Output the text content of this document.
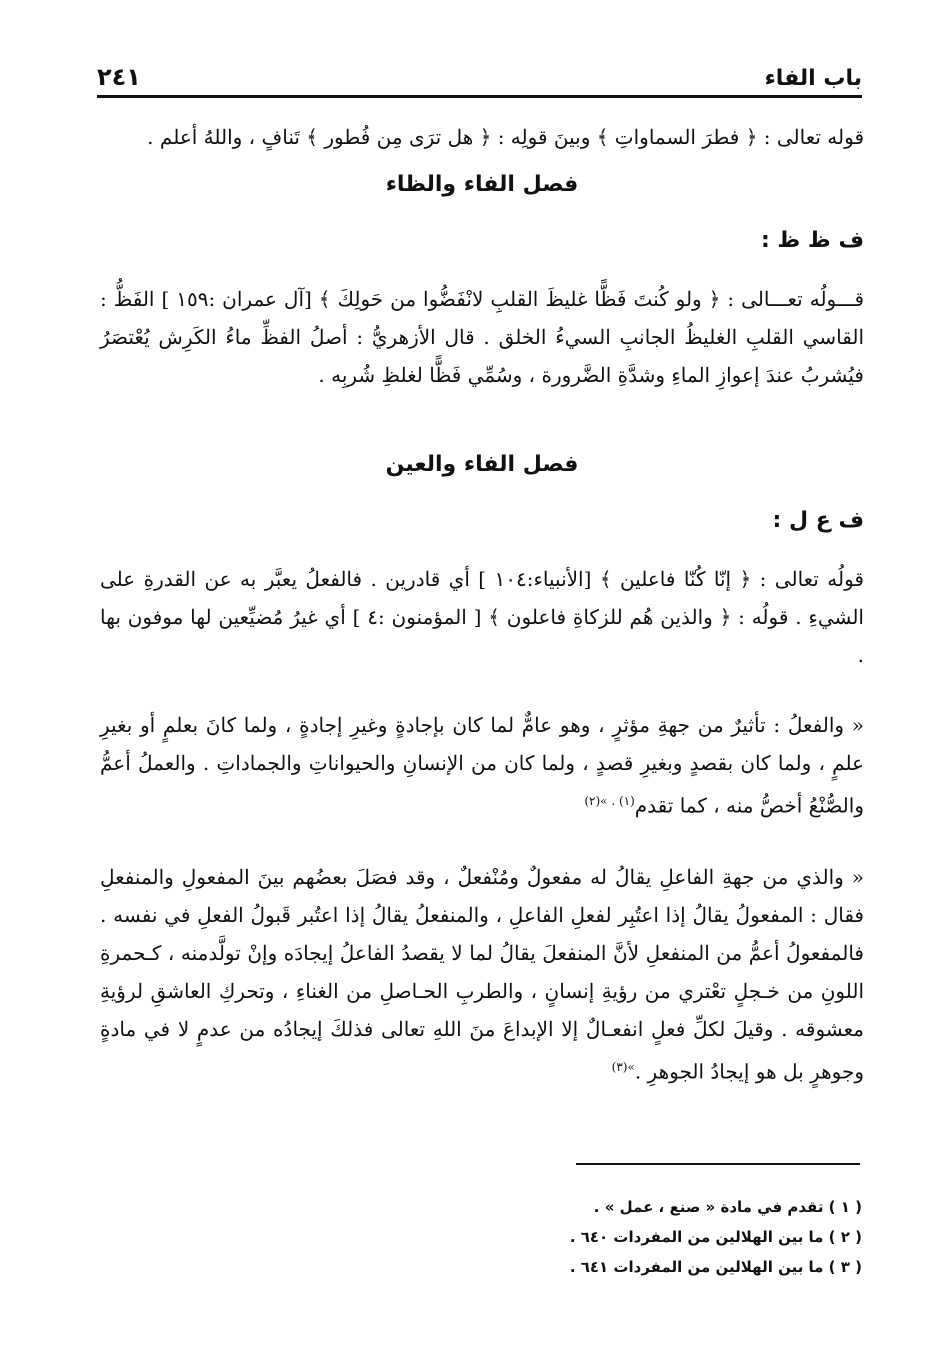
باب الفاء
٢٤١

قوله تعالى : ﴿ فطرَ السماواتِ ﴾ وبينَ قولِه : ﴿ هل ترَى مِن فُطور ﴾ تَنافٍ ، واللهُ أعلم .

فصل الفاء والظاء
ف ظ ظ :

قـــولُه تعـــالى : ﴿ ولو كُنتَ فَظًّا غليظَ القلبِ لانْفَضُّوا من حَولِكَ ﴾ [آل عمران :١٥٩ ] الفَظُّ : القاسي القلبِ الغليظُ الجانبِ السيءُ الخلق . قال الأزهريُّ : أصلُ الفظِّ ماءُ الكَرِش يُعْتصَرُ فيُشربُ عندَ إعوازِ الماءِ وشدَّةِ الضَّرورة ، وسُمِّي فَظًّا لغلظِ شُربِه .

فصل الفاء والعين
ف ع ل :

قولُه تعالى : ﴿ إنّا كُنّا فاعلين ﴾ [الأنبياء:١٠٤ ] أي قادرين . فالفعلُ يعبَّر به عن القدرةِ على الشيءِ . قولُه : ﴿ والذين هُم للزكاةِ فاعلون ﴾ [ المؤمنون :٤ ] أي غيرُ مُضيِّعين لها موفون بها .

« والفعلُ : تأثيرٌ من جهةِ مؤثرٍ ، وهو عامٌّ لما كان بإجادةٍ وغيرِ إجادةٍ ، ولما كانَ بعلمٍ أو بغيرِ علمٍ ، ولما كان بقصدٍ وبغيرِ قصدٍ ، ولما كان من الإنسانِ والحيواناتِ والجماداتِ . والعملُ أعمُّ والصُّنْعُ أخصُّ منه ، كما تقدم$^{(١) . »(٢)}$

« والذي من جهةِ الفاعلِ يقالُ له مفعولٌ ومُنْفعلٌ ، وقد فصَلَ بعضُهم بينَ المفعولِ والمنفعلِ فقال : المفعولُ يقالُ إذا اعتُبِر لفعلِ الفاعلِ ، والمنفعلُ يقالُ إذا اعتُبر قَبولُ الفعلِ في نفسه . فالمفعولُ أعمُّ من المنفعلِ لأنَّ المنفعلَ يقالُ لما لا يقصدُ الفاعلُ إيجادَه وإنْ تولَّدمنه ، كـحمرةِ اللونِ من خـجلٍ تعْتري من رؤيةِ إنسانٍ ، والطربِ الحـاصلِ من الغناءِ ، وتحركِ العاشقِ لرؤيةِ معشوقه . وقيلَ لكلِّ فعلٍ انفعـالٌ إلا الإبداعَ منَ اللهِ تعالى فذلكَ إيجادُه من عدمٍ لا في مادةٍ وجوهرٍ بل هو إيجادُ الجوهرِ .$^{»(٣)}$

( ١ ) تقدم في مادة « صنع ، عمل » .

( ٢ ) ما بين الهلالين من المفردات ٦٤٠ .

( ٣ ) ما بين الهلالين من المفردات ٦٤١ .
